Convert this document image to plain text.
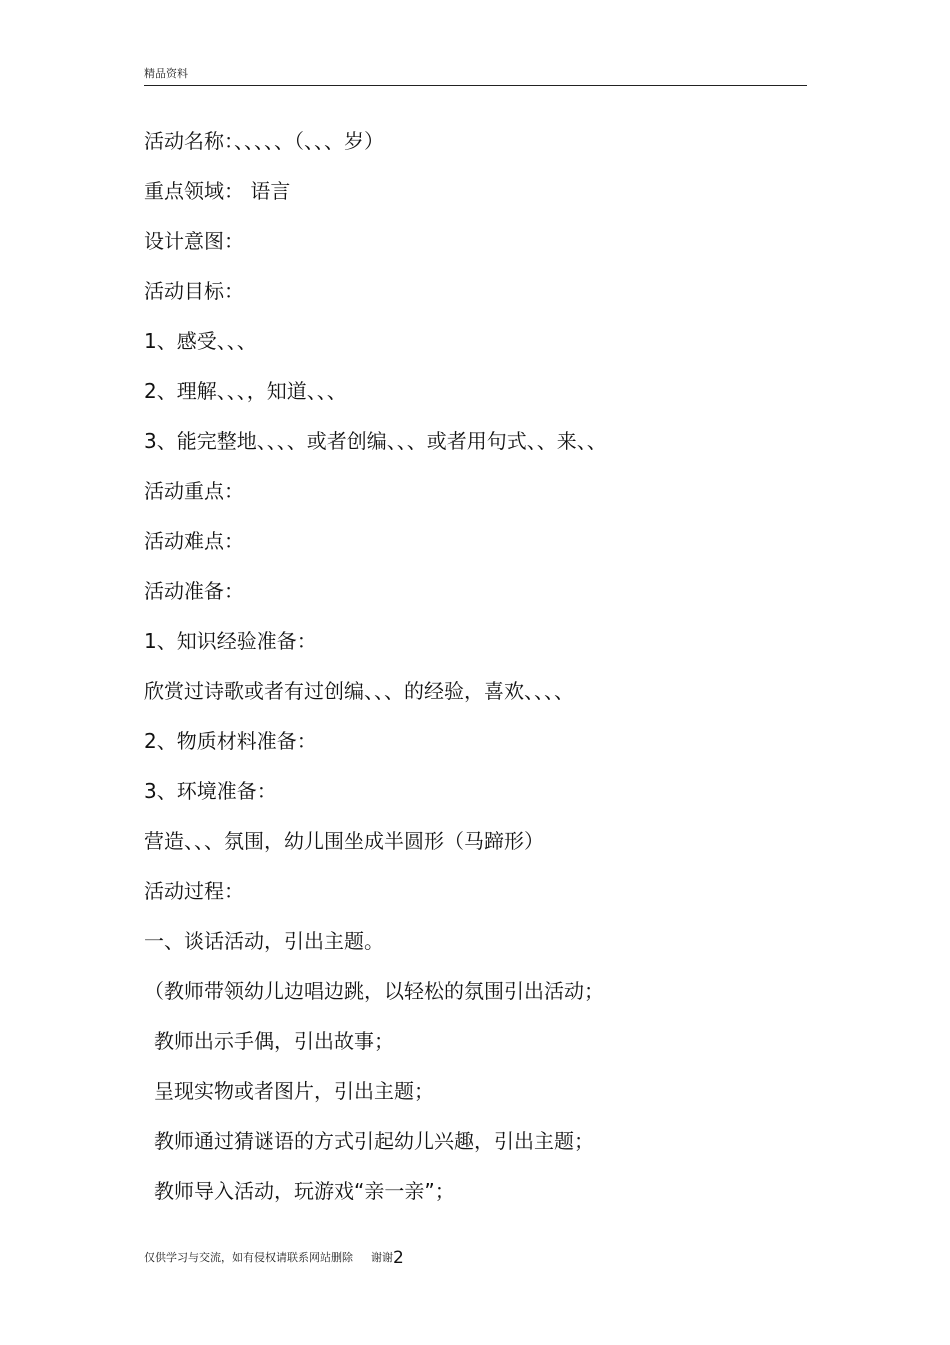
精品资料
活动名称：、、、、、（、、、岁）
重点领域： 语言
设计意图：
活动目标：
1、感受、、、
2、理解、、、，知道、、、
3、能完整地、、、、或者创编、、、或者用句式、、来、、
活动重点：
活动难点：
活动准备：
1、知识经验准备：
欣赏过诗歌或者有过创编、、、的经验，喜欢、、、、
2、物质材料准备：
3、环境准备：
营造、、、氛围，幼儿围坐成半圆形（马蹄形）
活动过程：
一、谈话活动，引出主题。
（教师带领幼儿边唱边跳，以轻松的氛围引出活动；
教师出示手偶，引出故事；
呈现实物或者图片，引出主题；
教师通过猜谜语的方式引起幼儿兴趣，引出主题；
教师导入活动，玩游戏“亲一亲”；
仅供学习与交流，如有侵权请联系网站删除 谢谢2
